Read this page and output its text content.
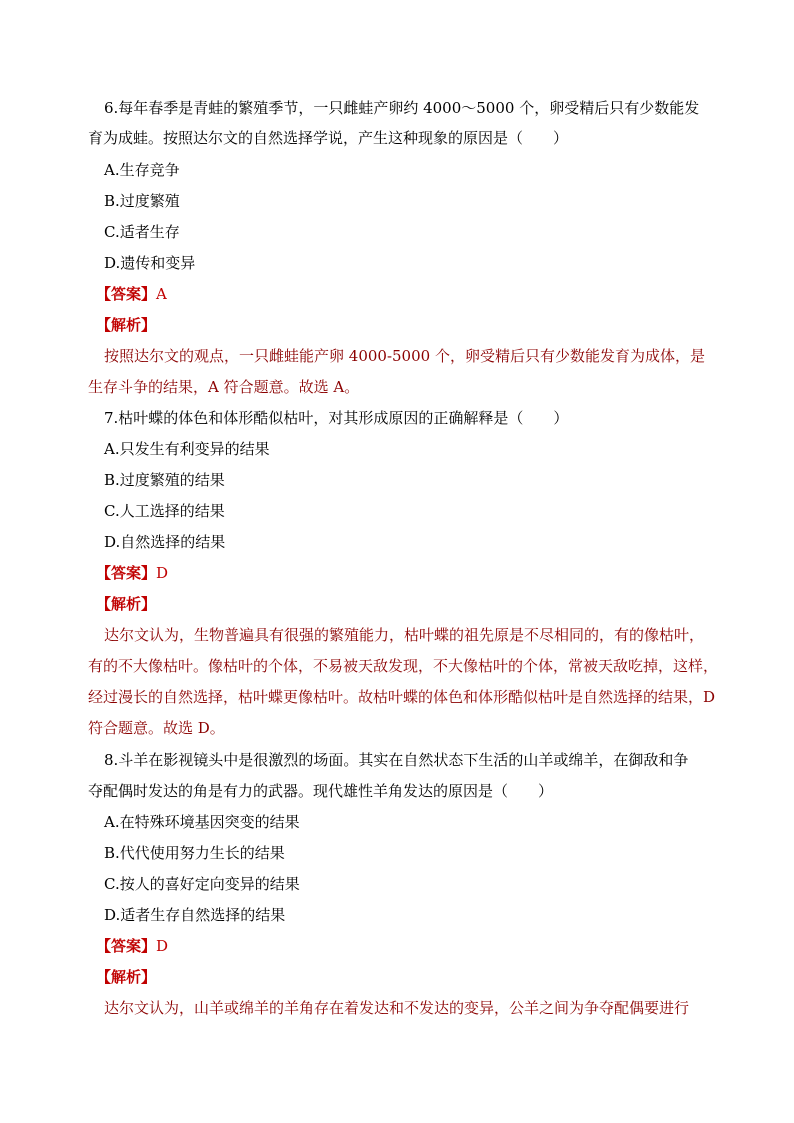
6.每年春季是青蛙的繁殖季节，一只雌蛙产卵约 4000～5000 个，卵受精后只有少数能发
育为成蛙。按照达尔文的自然选择学说，产生这种现象的原因是（　　）
A.生存竞争
B.过度繁殖
C.适者生存
D.遗传和变异
【答案】A
【解析】
按照达尔文的观点，一只雌蛙能产卵 4000-5000 个，卵受精后只有少数能发育为成体，是
生存斗争的结果，A 符合题意。故选 A。
7.枯叶蝶的体色和体形酷似枯叶，对其形成原因的正确解释是（　　）
A.只发生有利变异的结果
B.过度繁殖的结果
C.人工选择的结果
D.自然选择的结果
【答案】D
【解析】
达尔文认为，生物普遍具有很强的繁殖能力，枯叶蝶的祖先原是不尽相同的，有的像枯叶，
有的不大像枯叶。像枯叶的个体，不易被天敌发现，不大像枯叶的个体，常被天敌吃掉，这样，
经过漫长的自然选择，枯叶蝶更像枯叶。故枯叶蝶的体色和体形酷似枯叶是自然选择的结果，D
符合题意。故选 D。
8.斗羊在影视镜头中是很激烈的场面。其实在自然状态下生活的山羊或绵羊，在御敌和争
夺配偶时发达的角是有力的武器。现代雄性羊角发达的原因是（　　）
A.在特殊环境基因突变的结果
B.代代使用努力生长的结果
C.按人的喜好定向变异的结果
D.适者生存自然选择的结果
【答案】D
【解析】
达尔文认为，山羊或绵羊的羊角存在着发达和不发达的变异，公羊之间为争夺配偶要进行
